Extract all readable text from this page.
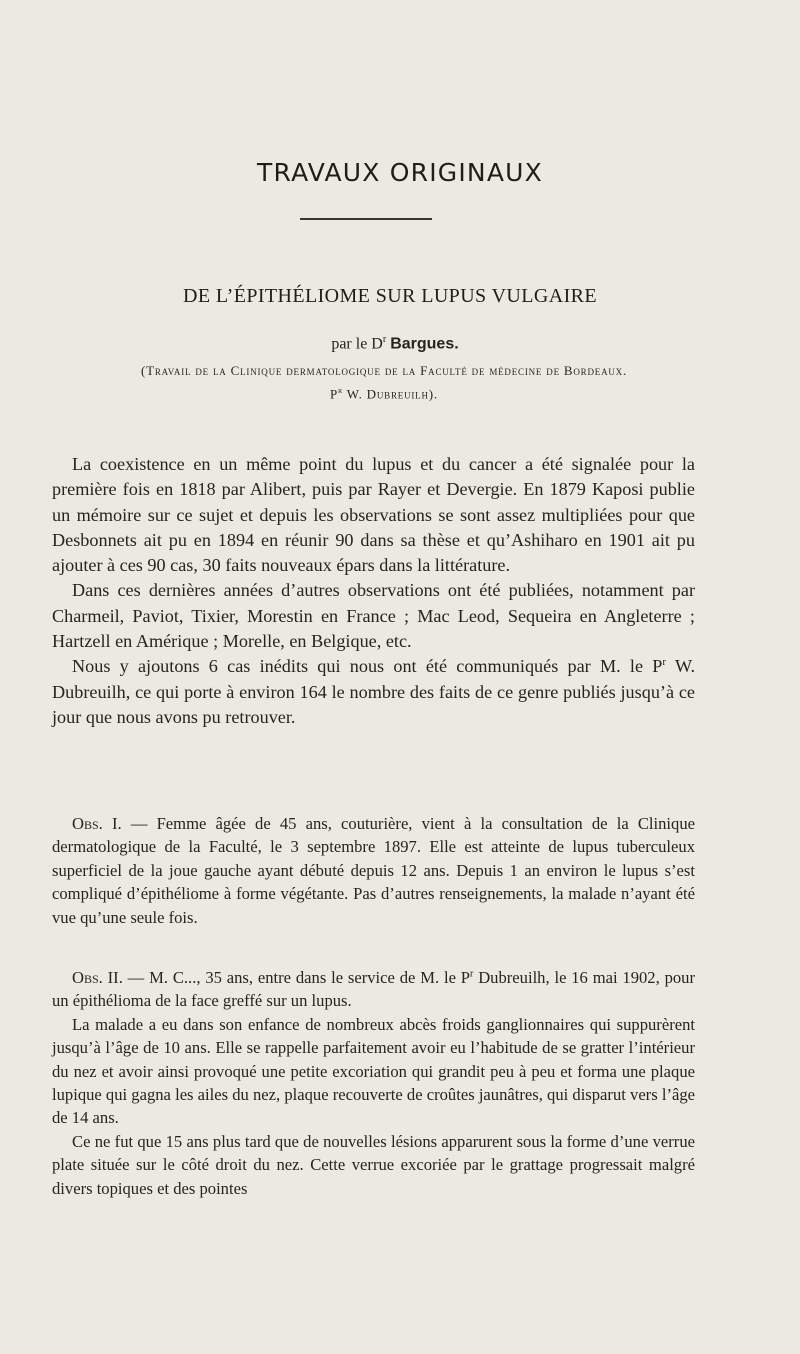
TRAVAUX ORIGINAUX
DE L’ÉPITHÉLIOME SUR LUPUS VULGAIRE
par le $D^r$ Bargues.
(Travail de la Clinique dermatologique de la Faculté de médecine de Bordeaux.
$P^r$ W. Dubreuilh).

La coexistence en un même point du lupus et du cancer a été signalée pour la première fois en 1818 par Alibert, puis par Rayer et Devergie. En 1879 Kaposi publie un mémoire sur ce sujet et depuis les observations se sont assez multipliées pour que Desbonnets ait pu en 1894 en réunir 90 dans sa thèse et qu’Ashiharo en 1901 ait pu ajouter à ces 90 cas, 30 faits nouveaux épars dans la littérature.

Dans ces dernières années d’autres observations ont été publiées, notamment par Charmeil, Paviot, Tixier, Morestin en France ; Mac Leod, Sequeira en Angleterre ; Hartzell en Amérique ; Morelle, en Belgique, etc.

Nous y ajoutons 6 cas inédits qui nous ont été communiqués par M. le $P^r$ W. Dubreuilh, ce qui porte à environ 164 le nombre des faits de ce genre publiés jusqu’à ce jour que nous avons pu retrouver.

Obs. I. — Femme âgée de 45 ans, couturière, vient à la consultation de la Clinique dermatologique de la Faculté, le 3 septembre 1897. Elle est atteinte de lupus tuberculeux superficiel de la joue gauche ayant débuté depuis 12 ans. Depuis 1 an environ le lupus s’est compliqué d’épithéliome à forme végétante. Pas d’autres renseignements, la malade n’ayant été vue qu’une seule fois.

Obs. II. — M. C..., 35 ans, entre dans le service de M. le $P^r$ Dubreuilh, le 16 mai 1902, pour un épithélioma de la face greffé sur un lupus.

La malade a eu dans son enfance de nombreux abcès froids ganglionnaires qui suppurèrent jusqu’à l’âge de 10 ans. Elle se rappelle parfaitement avoir eu l’habitude de se gratter l’intérieur du nez et avoir ainsi provoqué une petite excoriation qui grandit peu à peu et forma une plaque lupique qui gagna les ailes du nez, plaque recouverte de croûtes jaunâtres, qui disparut vers l’âge de 14 ans.

Ce ne fut que 15 ans plus tard que de nouvelles lésions apparurent sous la forme d’une verrue plate située sur le côté droit du nez. Cette verrue excoriée par le grattage progressait malgré divers topiques et des pointes
